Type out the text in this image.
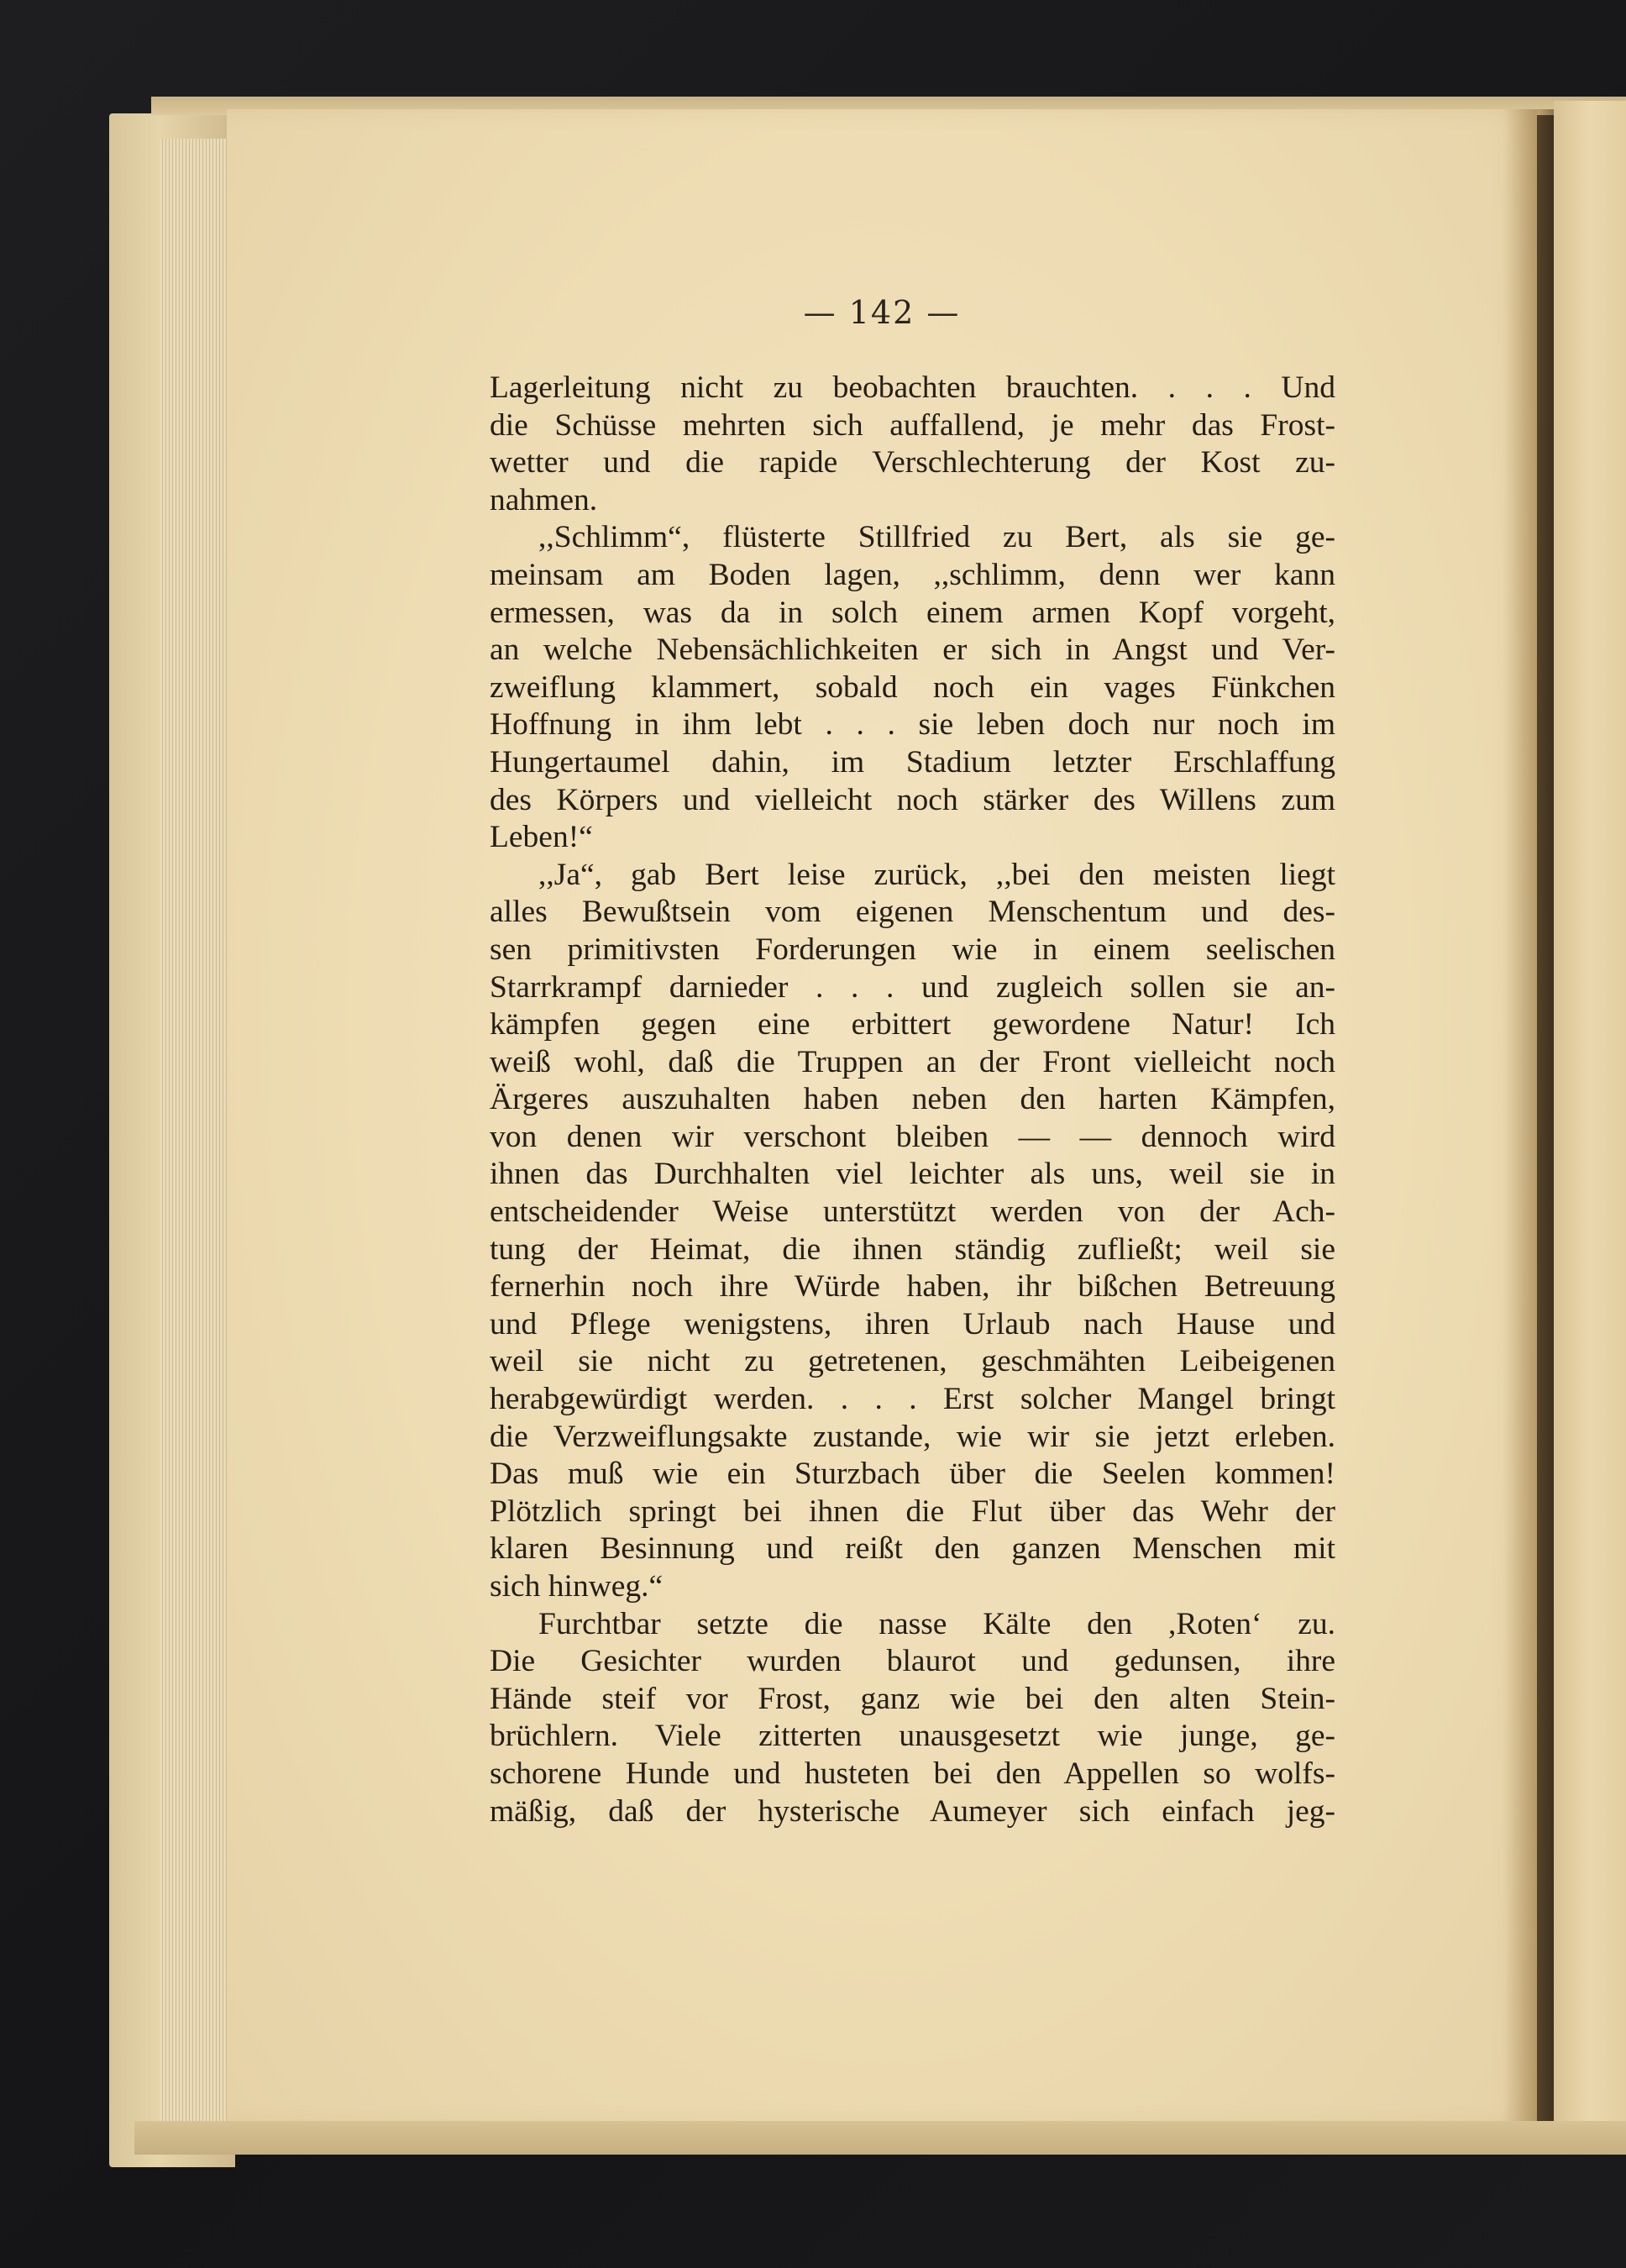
— 142 —
Lagerleitung nicht zu beobachten brauchten. . . . Und
die Schüsse mehrten sich auffallend, je mehr das Frost-
wetter und die rapide Verschlechterung der Kost zu-
nahmen.
,,Schlimm“, flüsterte Stillfried zu Bert, als sie ge-
meinsam am Boden lagen, ,,schlimm, denn wer kann
ermessen, was da in solch einem armen Kopf vorgeht,
an welche Nebensächlichkeiten er sich in Angst und Ver-
zweiflung klammert, sobald noch ein vages Fünkchen
Hoffnung in ihm lebt . . . sie leben doch nur noch im
Hungertaumel dahin, im Stadium letzter Erschlaffung
des Körpers und vielleicht noch stärker des Willens zum
Leben!“
,,Ja“, gab Bert leise zurück, ,,bei den meisten liegt
alles Bewußtsein vom eigenen Menschentum und des-
sen primitivsten Forderungen wie in einem seelischen
Starrkrampf darnieder . . . und zugleich sollen sie an-
kämpfen gegen eine erbittert gewordene Natur! Ich
weiß wohl, daß die Truppen an der Front vielleicht noch
Ärgeres auszuhalten haben neben den harten Kämpfen,
von denen wir verschont bleiben — — dennoch wird
ihnen das Durchhalten viel leichter als uns, weil sie in
entscheidender Weise unterstützt werden von der Ach-
tung der Heimat, die ihnen ständig zufließt; weil sie
fernerhin noch ihre Würde haben, ihr bißchen Betreuung
und Pflege wenigstens, ihren Urlaub nach Hause und
weil sie nicht zu getretenen, geschmähten Leibeigenen
herabgewürdigt werden. . . . Erst solcher Mangel bringt
die Verzweiflungsakte zustande, wie wir sie jetzt erleben.
Das muß wie ein Sturzbach über die Seelen kommen!
Plötzlich springt bei ihnen die Flut über das Wehr der
klaren Besinnung und reißt den ganzen Menschen mit
sich hinweg.“
Furchtbar setzte die nasse Kälte den ,Roten‘ zu.
Die Gesichter wurden blaurot und gedunsen, ihre
Hände steif vor Frost, ganz wie bei den alten Stein-
brüchlern. Viele zitterten unausgesetzt wie junge, ge-
schorene Hunde und husteten bei den Appellen so wolfs-
mäßig, daß der hysterische Aumeyer sich einfach jeg-
